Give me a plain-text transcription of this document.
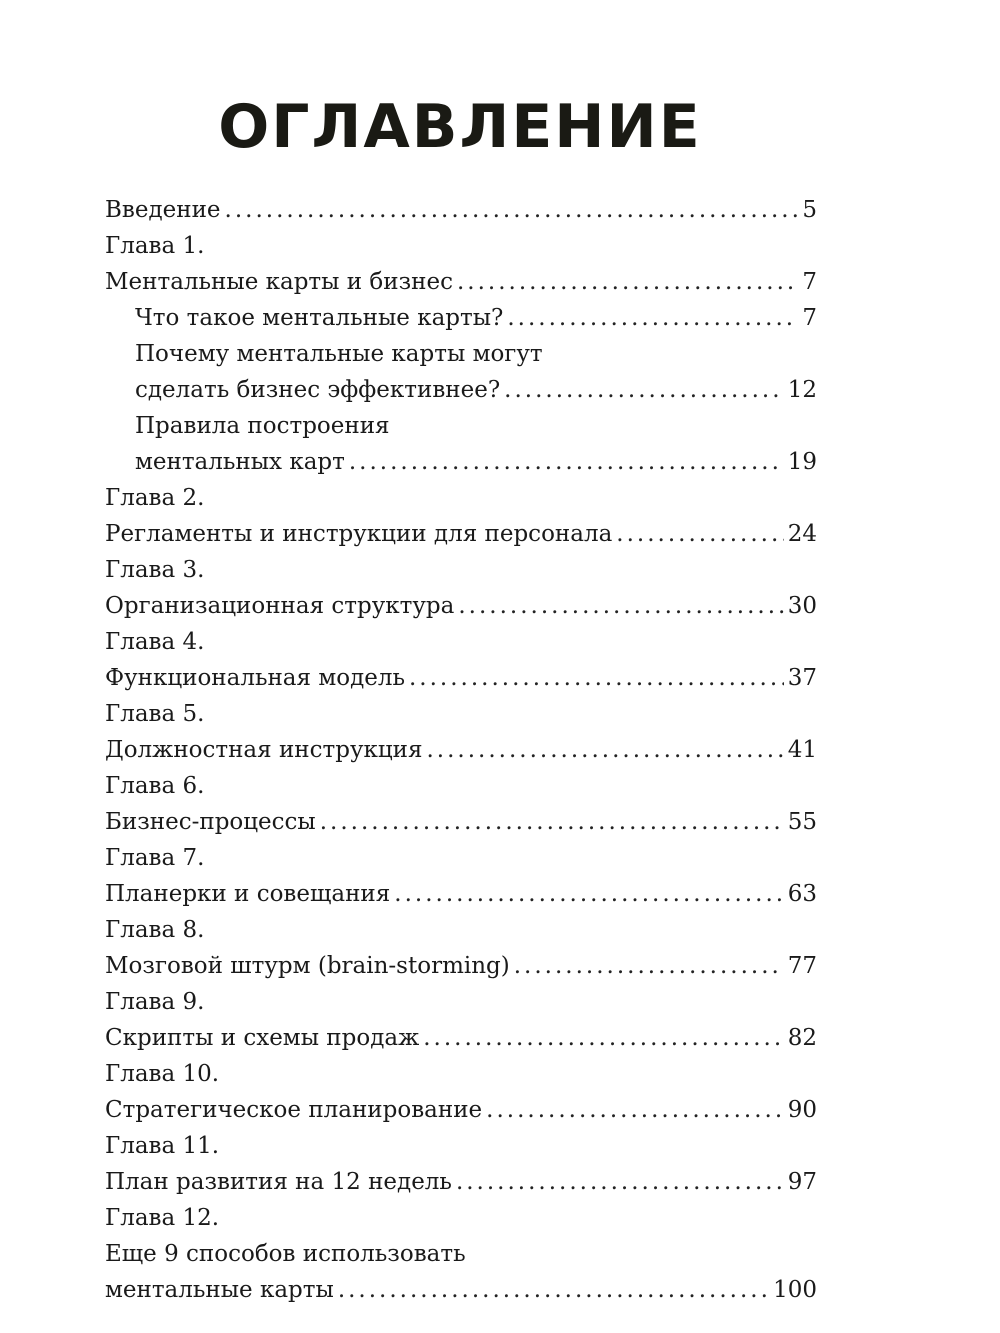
ОГЛАВЛЕНИЕ
Введение .....	5
Глава 1.
Ментальные карты и бизнес .....	7
Что такое ментальные карты? .....	7
Почему ментальные карты могут
сделать бизнес эффективнее? .....	12
Правила построения
ментальных карт .....	19
Глава 2.
Регламенты и инструкции для персонала .....	24
Глава 3.
Организационная структура .....	30
Глава 4.
Функциональная модель .....	37
Глава 5.
Должностная инструкция .....	41
Глава 6.
Бизнес-процессы .....	55
Глава 7.
Планерки и совещания .....	63
Глава 8.
Мозговой штурм (brain-storming) .....	77
Глава 9.
Скрипты и схемы продаж .....	82
Глава 10.
Стратегическое планирование .....	90
Глава 11.
План развития на 12 недель .....	97
Глава 12.
Еще 9 способов использовать
ментальные карты .....	100
